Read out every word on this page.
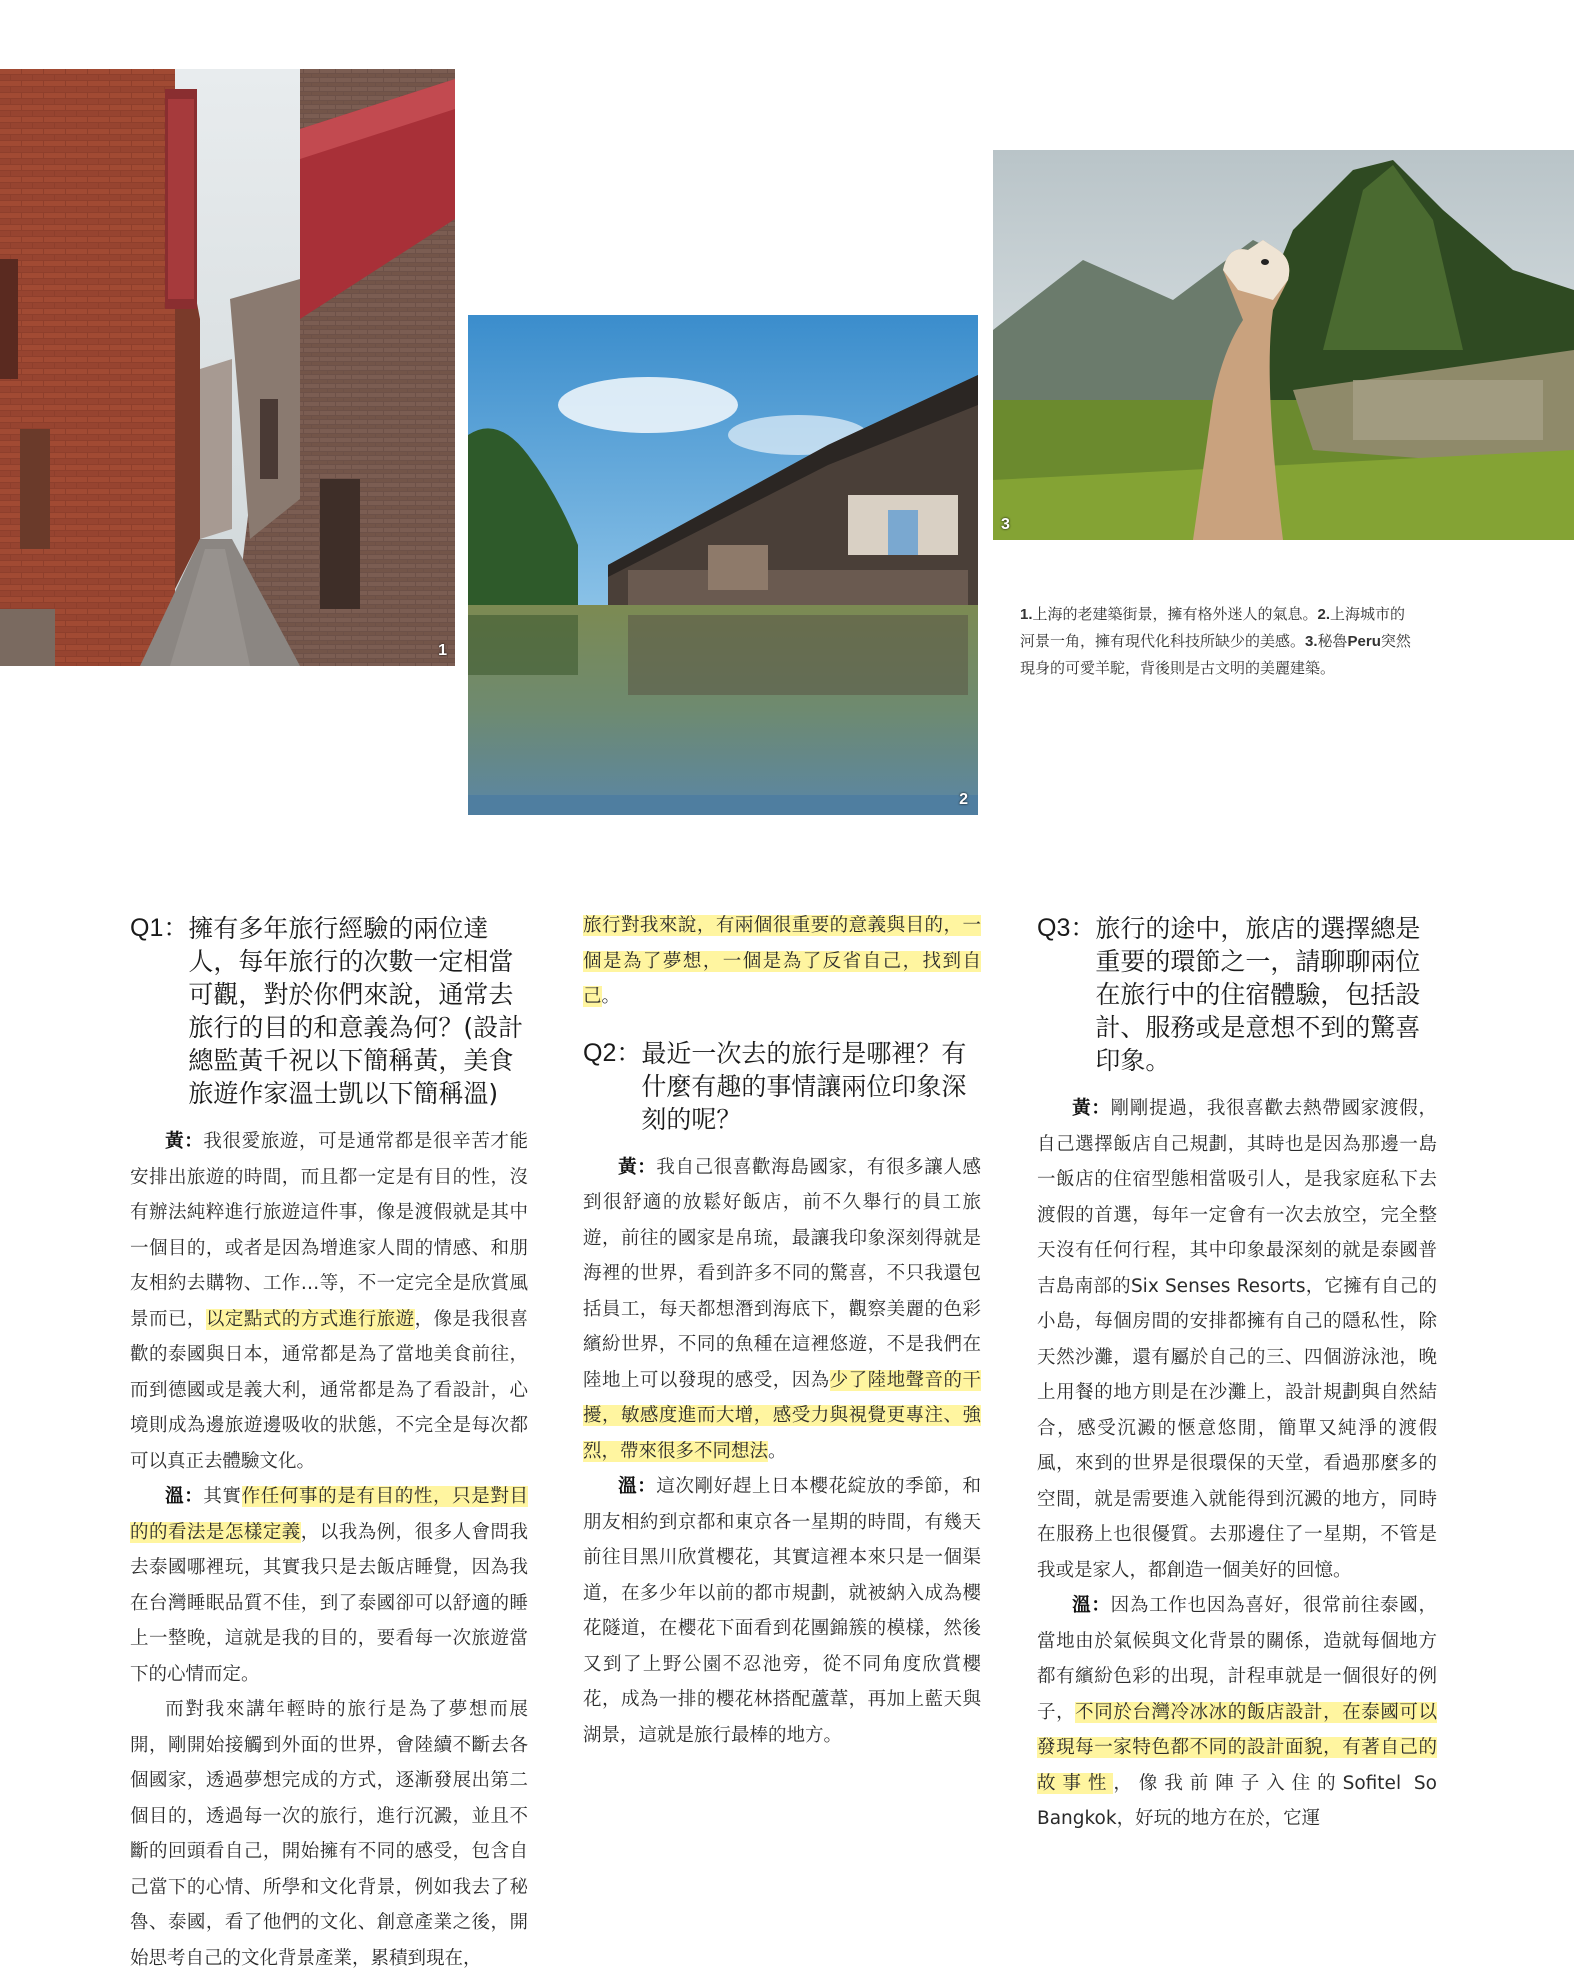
1
2
3
1.上海的老建築街景，擁有格外迷人的氣息。2.上海城市的河景一角，擁有現代化科技所缺少的美感。3.秘魯Peru突然現身的可愛羊駝，背後則是古文明的美麗建築。
Q1： 擁有多年旅行經驗的兩位達人，每年旅行的次數一定相當可觀，對於你們來說，通常去旅行的目的和意義為何？(設計總監黃千祝以下簡稱黃，美食旅遊作家溫士凱以下簡稱溫)

黃：我很愛旅遊，可是通常都是很辛苦才能安排出旅遊的時間，而且都一定是有目的性，沒有辦法純粹進行旅遊這件事，像是渡假就是其中一個目的，或者是因為增進家人間的情感、和朋友相約去購物、工作…等，不一定完全是欣賞風景而已，以定點式的方式進行旅遊，像是我很喜歡的泰國與日本，通常都是為了當地美食前往，而到德國或是義大利，通常都是為了看設計，心境則成為邊旅遊邊吸收的狀態，不完全是每次都可以真正去體驗文化。

溫：其實作任何事的是有目的性，只是對目的的看法是怎樣定義，以我為例，很多人會問我去泰國哪裡玩，其實我只是去飯店睡覺，因為我在台灣睡眠品質不佳，到了泰國卻可以舒適的睡上一整晚，這就是我的目的，要看每一次旅遊當下的心情而定。

而對我來講年輕時的旅行是為了夢想而展開，剛開始接觸到外面的世界，會陸續不斷去各個國家，透過夢想完成的方式，逐漸發展出第二個目的，透過每一次的旅行，進行沉澱，並且不斷的回頭看自己，開始擁有不同的感受，包含自己當下的心情、所學和文化背景，例如我去了秘魯、泰國，看了他們的文化、創意產業之後，開始思考自己的文化背景產業，累積到現在，

旅行對我來說，有兩個很重要的意義與目的，一個是為了夢想，一個是為了反省自己，找到自己。

Q2： 最近一次去的旅行是哪裡？有什麼有趣的事情讓兩位印象深刻的呢？

黃：我自己很喜歡海島國家，有很多讓人感到很舒適的放鬆好飯店，前不久舉行的員工旅遊，前往的國家是帛琉，最讓我印象深刻得就是海裡的世界，看到許多不同的驚喜，不只我還包括員工，每天都想潛到海底下，觀察美麗的色彩繽紛世界，不同的魚種在這裡悠遊，不是我們在陸地上可以發現的感受，因為少了陸地聲音的干擾，敏感度進而大增，感受力與視覺更專注、強烈，帶來很多不同想法。

溫：這次剛好趕上日本櫻花綻放的季節，和朋友相約到京都和東京各一星期的時間，有幾天前往目黑川欣賞櫻花，其實這裡本來只是一個渠道，在多少年以前的都市規劃，就被納入成為櫻花隧道，在櫻花下面看到花團錦簇的模樣，然後又到了上野公園不忍池旁，從不同角度欣賞櫻花，成為一排的櫻花林搭配蘆葦，再加上藍天與湖景，這就是旅行最棒的地方。

Q3： 旅行的途中，旅店的選擇總是重要的環節之一，請聊聊兩位在旅行中的住宿體驗，包括設計、服務或是意想不到的驚喜印象。

黃：剛剛提過，我很喜歡去熱帶國家渡假，自己選擇飯店自己規劃，其時也是因為那邊一島一飯店的住宿型態相當吸引人，是我家庭私下去渡假的首選，每年一定會有一次去放空，完全整天沒有任何行程，其中印象最深刻的就是泰國普吉島南部的Six Senses Resorts，它擁有自己的小島，每個房間的安排都擁有自己的隱私性，除天然沙灘，還有屬於自己的三、四個游泳池，晚上用餐的地方則是在沙灘上，設計規劃與自然結合，感受沉澱的愜意悠閒，簡單又純淨的渡假風，來到的世界是很環保的天堂，看過那麼多的空間，就是需要進入就能得到沉澱的地方，同時在服務上也很優質。去那邊住了一星期，不管是我或是家人，都創造一個美好的回憶。

溫：因為工作也因為喜好，很常前往泰國，當地由於氣候與文化背景的關係，造就每個地方都有繽紛色彩的出現，計程車就是一個很好的例子，不同於台灣冷冰冰的飯店設計，在泰國可以發現每一家特色都不同的設計面貌，有著自己的故事性，像我前陣子入住的Sofitel So Bangkok，好玩的地方在於，它運
